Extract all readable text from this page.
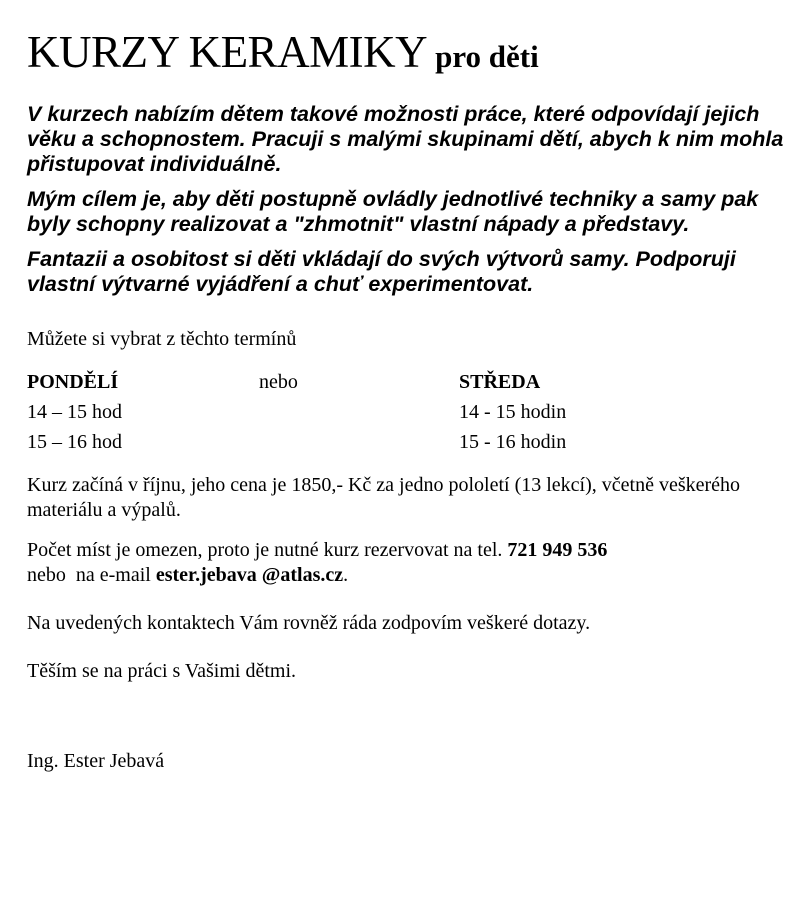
KURZY KERAMIKY pro děti

V kurzech nabízím dětem takové možnosti práce, které odpovídají jejich věku a schopnostem. Pracuji s malými skupinami dětí, abych k nim mohla přistupovat individuálně.

Mým cílem je, aby děti postupně ovládly jednotlivé techniky a samy pak byly schopny realizovat a "zhmotnit" vlastní nápady a představy.

Fantazii a osobitost si děti vkládají do svých výtvorů samy. Podporuji vlastní výtvarné vyjádření a chuť experimentovat.

Můžete si vybrat z těchto termínů

PONDĚLÍ
14 – 15 hod
15 – 16 hod
nebo	STŘEDA
14 - 15 hodin
15 - 16 hodin

Kurz začíná v říjnu, jeho cena je 1850,- Kč za jedno pololetí (13 lekcí), včetně veškerého materiálu a výpalů.

Počet míst je omezen, proto je nutné kurz rezervovat na tel. 721 949 536
nebo  na e-mail ester.jebava @atlas.cz.

Na uvedených kontaktech Vám rovněž ráda zodpovím veškeré dotazy.

Těším se na práci s Vašimi dětmi.

Ing. Ester Jebavá
